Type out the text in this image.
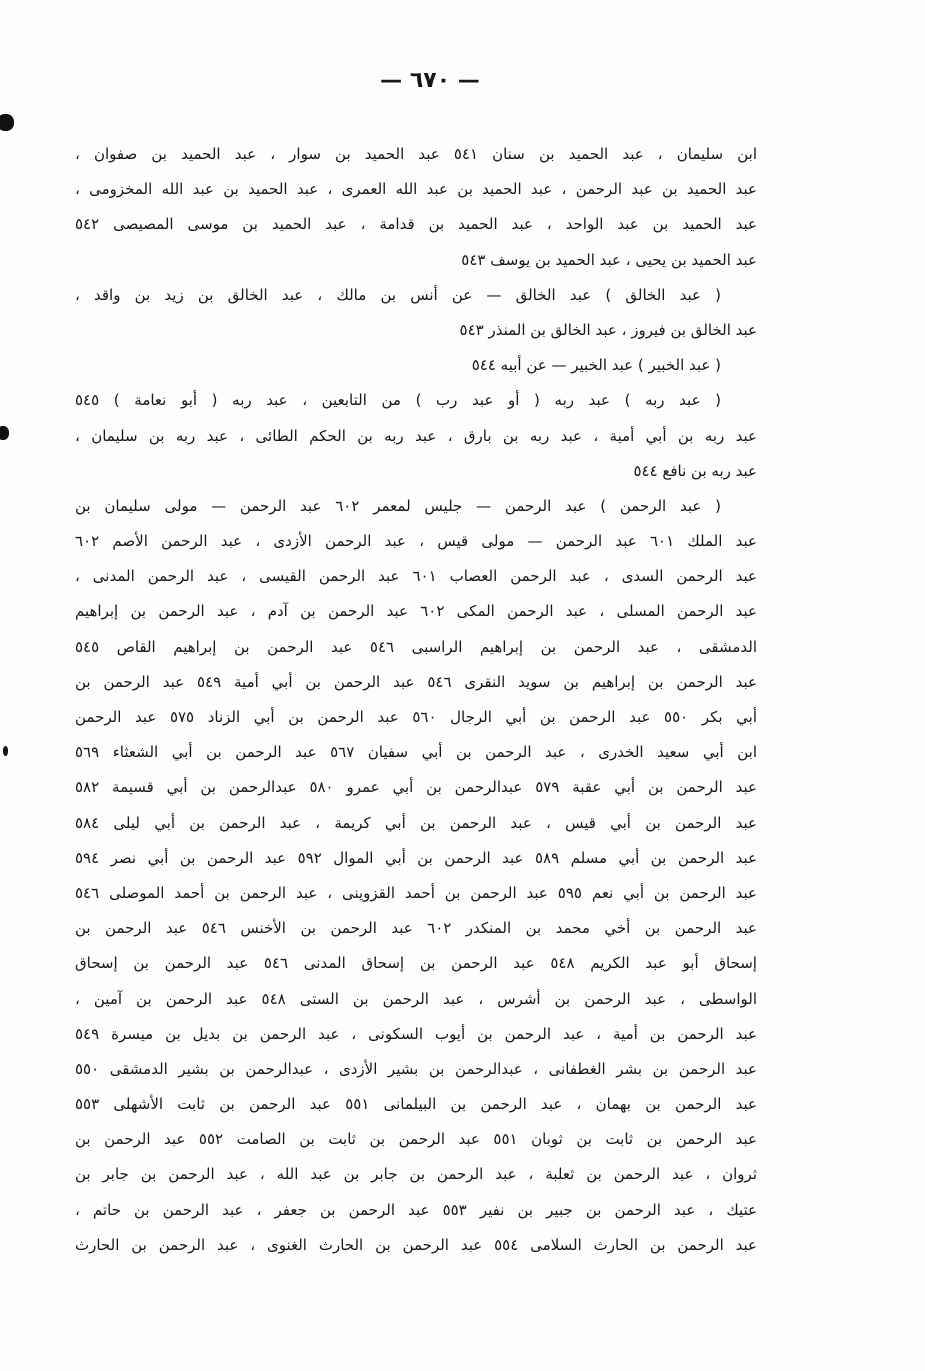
— ٦٧٠ —
ابن سليمان ، عبد الحميد بن سنان ٥٤١ عبد الحميد بن سوار ، عبد الحميد بن صفوان ،
عبد الحميد بن عبد الرحمن ، عبد الحميد بن عبد الله العمرى ، عبد الحميد بن عبد الله المخزومى ،
عبد الحميد بن عبد الواحد ، عبد الحميد بن قدامة ، عبد الحميد بن موسى المصيصى ٥٤٢
عبد الحميد بن يحيى ، عبد الحميد بن يوسف ٥٤٣
( عبد الخالق ) عبد الخالق — عن أنس بن مالك ، عبد الخالق بن زيد بن واقد ،
عبد الخالق بن فيروز ، عبد الخالق بن المنذر ٥٤٣
( عبد الخبير ) عبد الخبير — عن أبيه ٥٤٤
( عبد ربه ) عبد ربه ( أو عبد رب ) من التابعين ، عبد ربه ( أبو نعامة ) ٥٤٥
عبد ربه بن أبي أمية ، عبد ربه بن بارق ، عبد ربه بن الحكم الطائى ، عبد ربه بن سليمان ،
عبد ربه بن نافع ٥٤٤
( عبد الرحمن ) عبد الرحمن — جليس لمعمر ٦٠٢ عبد الرحمن — مولى سليمان بن
عبد الملك ٦٠١ عبد الرحمن — مولى قيس ، عبد الرحمن الأزدى ، عبد الرحمن الأصم ٦٠٢
عبد الرحمن السدى ، عبد الرحمن العصاب ٦٠١ عبد الرحمن القيسى ، عبد الرحمن المدنى ،
عبد الرحمن المسلى ، عبد الرحمن المكى ٦٠٢ عبد الرحمن بن آدم ، عبد الرحمن بن إبراهيم
الدمشقى ، عبد الرحمن بن إبراهيم الراسبى ٥٤٦ عبد الرحمن بن إبراهيم القاص ٥٤٥
عبد الرحمن بن إبراهيم بن سويد النقرى ٥٤٦ عبد الرحمن بن أبي أمية ٥٤٩ عبد الرحمن بن
أبي بكر ٥٥٠ عبد الرحمن بن أبي الرجال ٥٦٠ عبد الرحمن بن أبي الزناد ٥٧٥ عبد الرحمن
ابن أبي سعيد الخدرى ، عبد الرحمن بن أبي سفيان ٥٦٧ عبد الرحمن بن أبي الشعثاء ٥٦٩
عبد الرحمن بن أبي عقبة ٥٧٩ عبدالرحمن بن أبي عمرو ٥٨٠ عبدالرحمن بن أبي قسيمة ٥٨٢
عبد الرحمن بن أبي قيس ، عبد الرحمن بن أبي كريمة ، عبد الرحمن بن أبي ليلى ٥٨٤
عبد الرحمن بن أبي مسلم ٥٨٩ عبد الرحمن بن أبي الموال ٥٩٢ عبد الرحمن بن أبي نصر ٥٩٤
عبد الرحمن بن أبي نعم ٥٩٥ عبد الرحمن بن أحمد القزوينى ، عبد الرحمن بن أحمد الموصلى ٥٤٦
عبد الرحمن بن أخي محمد بن المنكدر ٦٠٢ عبد الرحمن بن الأخنس ٥٤٦ عبد الرحمن بن
إسحاق أبو عبد الكريم ٥٤٨ عبد الرحمن بن إسحاق المدنى ٥٤٦ عبد الرحمن بن إسحاق
الواسطى ، عبد الرحمن بن أشرس ، عبد الرحمن بن الستى ٥٤٨ عبد الرحمن بن آمين ،
عبد الرحمن بن أمية ، عبد الرحمن بن أيوب السكونى ، عبد الرحمن بن بديل بن ميسرة ٥٤٩
عبد الرحمن بن بشر الغطفانى ، عبدالرحمن بن بشير الأزدى ، عبدالرحمن بن بشير الدمشقى ٥٥٠
عبد الرحمن بن بهمان ، عبد الرحمن بن البيلمانى ٥٥١ عبد الرحمن بن ثابت الأشهلى ٥٥٣
عبد الرحمن بن ثابت بن ثوبان ٥٥١ عبد الرحمن بن ثابت بن الصامت ٥٥٢ عبد الرحمن بن
ثروان ، عبد الرحمن بن ثعلبة ، عبد الرحمن بن جابر بن عبد الله ، عبد الرحمن بن جابر بن
عتيك ، عبد الرحمن بن جبير بن نفير ٥٥٣ عبد الرحمن بن جعفر ، عبد الرحمن بن حاتم ،
عبد الرحمن بن الحارث السلامى ٥٥٤ عبد الرحمن بن الحارث الغنوى ، عبد الرحمن بن الحارث
